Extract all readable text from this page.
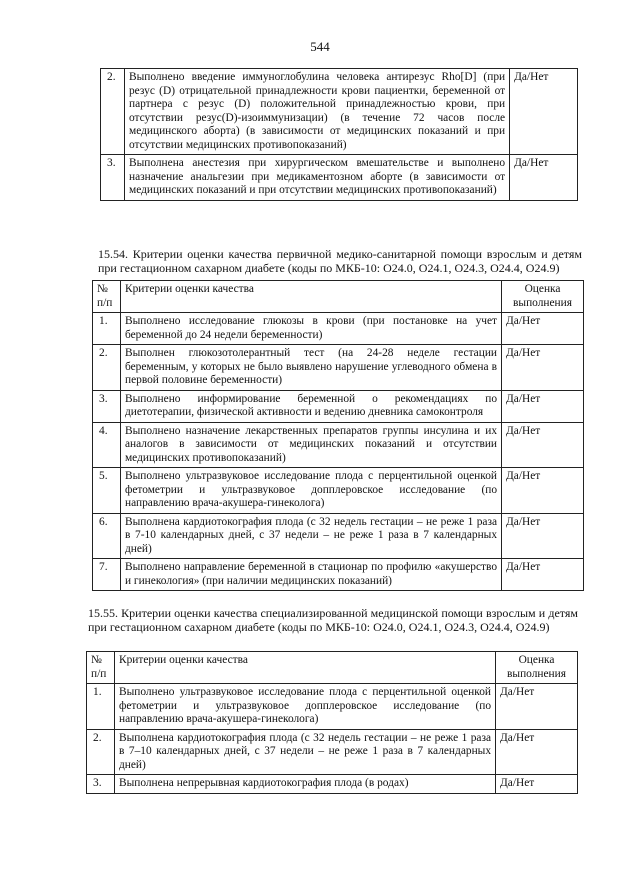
544
2.	Выполнено введение иммуноглобулина человека антирезус Rho[D] (при резус (D) отрицательной принадлежности крови пациентки, беременной от партнера с резус (D) положительной принадлежностью крови, при отсутствии резус(D)-изоиммунизации) (в течение 72 часов после медицинского аборта) (в зависимости от медицинских показаний и при отсутствии медицинских противопоказаний)	Да/Нет
3.	Выполнена анестезия при хирургическом вмешательстве и выполнено назначение анальгезии при медикаментозном аборте (в зависимости от медицинских показаний и при отсутствии медицинских противопоказаний)	Да/Нет
15.54. Критерии оценки качества первичной медико-санитарной помощи взрослым и детям при гестационном сахарном диабете (коды по МКБ-10: O24.0, O24.1, O24.3, O24.4, O24.9)
№ п/п	Критерии оценки качества	Оценка выполнения
1.	Выполнено исследование глюкозы в крови (при постановке на учет беременной до 24 недели беременности)	Да/Нет
2.	Выполнен глюкозотолерантный тест (на 24-28 неделе гестации беременным, у которых не было выявлено нарушение углеводного обмена в первой половине беременности)	Да/Нет
3.	Выполнено информирование беременной о рекомендациях по диетотерапии, физической активности и ведению дневника самоконтроля	Да/Нет
4.	Выполнено назначение лекарственных препаратов группы инсулина и их аналогов в зависимости от медицинских показаний и отсутствии медицинских противопоказаний)	Да/Нет
5.	Выполнено ультразвуковое исследование плода с перцентильной оценкой фетометрии и ультразвуковое допплеровское исследование (по направлению врача-акушера-гинеколога)	Да/Нет
6.	Выполнена кардиотокография плода (с 32 недель гестации – не реже 1 раза в 7-10 календарных дней, с 37 недели – не реже 1 раза в 7 календарных дней)	Да/Нет
7.	Выполнено направление беременной в стационар по профилю «акушерство и гинекология» (при наличии медицинских показаний)	Да/Нет
15.55. Критерии оценки качества специализированной медицинской помощи взрослым и детям при гестационном сахарном диабете (коды по МКБ-10: O24.0, O24.1, O24.3, O24.4, O24.9)
№ п/п	Критерии оценки качества	Оценка выполнения
1.	Выполнено ультразвуковое исследование плода с перцентильной оценкой фетометрии и ультразвуковое допплеровское исследование (по направлению врача-акушера-гинеколога)	Да/Нет
2.	Выполнена кардиотокография плода (с 32 недель гестации – не реже 1 раза в 7–10 календарных дней, с 37 недели – не реже 1 раза в 7 календарных дней)	Да/Нет
3.	Выполнена непрерывная кардиотокография плода (в родах)	Да/Нет
